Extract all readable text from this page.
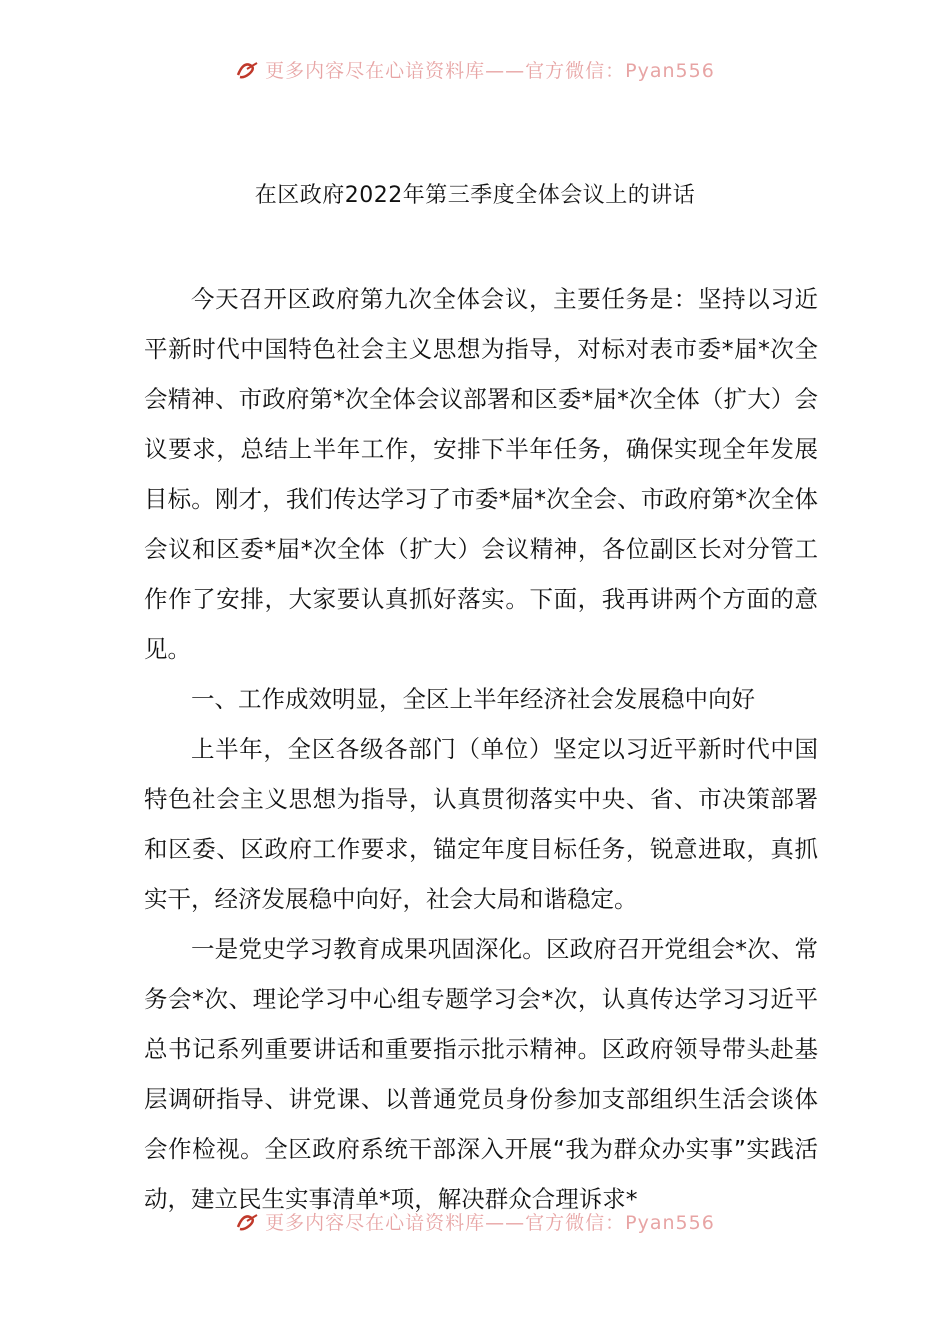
更多内容尽在心谙资料库——官方微信：Pyan556
在区政府2022年第三季度全体会议上的讲话

今天召开区政府第九次全体会议，主要任务是：坚持以习近平新时代中国特色社会主义思想为指导，对标对表市委*届*次全会精神、市政府第*次全体会议部署和区委*届*次全体（扩大）会议要求，总结上半年工作，安排下半年任务，确保实现全年发展目标。刚才，我们传达学习了市委*届*次全会、市政府第*次全体会议和区委*届*次全体（扩大）会议精神，各位副区长对分管工作作了安排，大家要认真抓好落实。下面，我再讲两个方面的意见。

一、工作成效明显，全区上半年经济社会发展稳中向好

上半年，全区各级各部门（单位）坚定以习近平新时代中国特色社会主义思想为指导，认真贯彻落实中央、省、市决策部署和区委、区政府工作要求，锚定年度目标任务，锐意进取，真抓实干，经济发展稳中向好，社会大局和谐稳定。

一是党史学习教育成果巩固深化。区政府召开党组会*次、常务会*次、理论学习中心组专题学习会*次，认真传达学习习近平总书记系列重要讲话和重要指示批示精神。区政府领导带头赴基层调研指导、讲党课、以普通党员身份参加支部组织生活会谈体会作检视。全区政府系统干部深入开展“我为群众办实事”实践活动，建立民生实事清单*项，解决群众合理诉求*

更多内容尽在心谙资料库——官方微信：Pyan556
